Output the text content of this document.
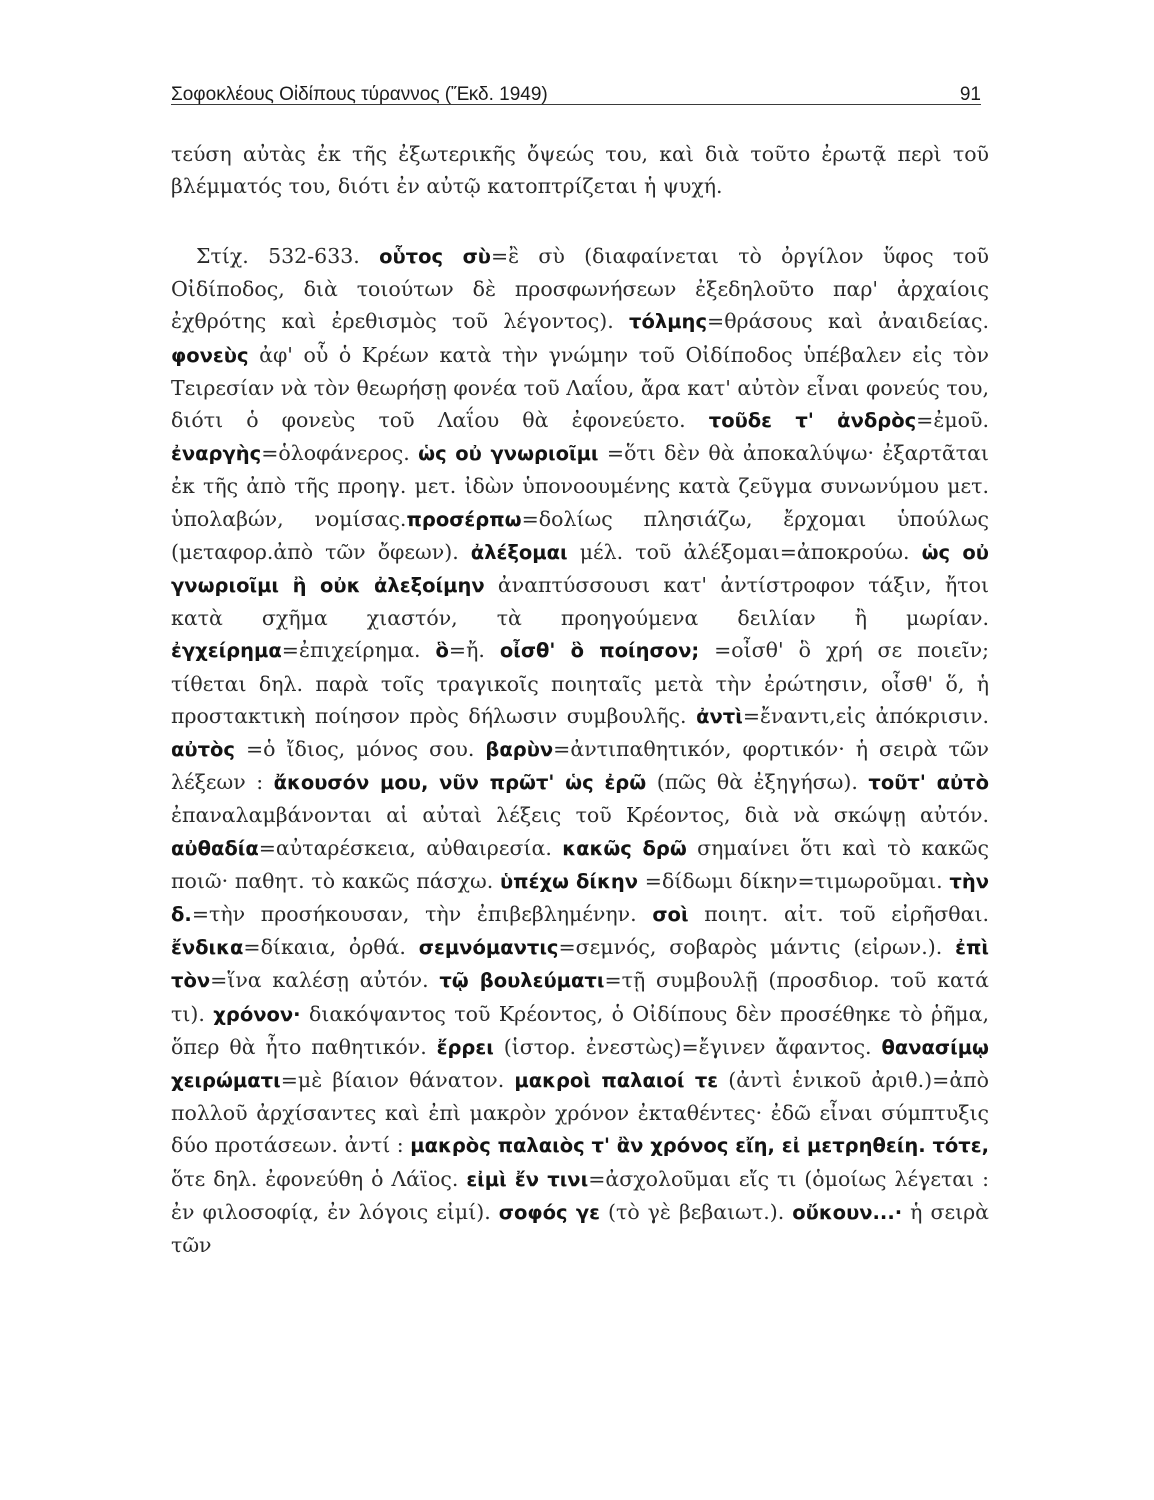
Σοφοκλέους Οἰδίπους τύραννος (Ἔκδ. 1949)	91
τεύση αὐτὰς ἐκ τῆς ἐξωτερικῆς ὄψεώς του, καὶ διὰ τοῦτο ἐρωτᾷ περὶ τοῦ βλέμματός του, διότι ἐν αὐτῷ κατοπτρίζεται ἡ ψυχή.
Στίχ. 532-633. οὗτος σὺ=ἒ σὺ (διαφαίνεται τὸ ὀργίλον ὕφος τοῦ Οἰδίποδος, διὰ τοιούτων δὲ προσφωνήσεων ἐξεδηλοῦτο παρ' ἀρχαίοις ἐχθρότης καὶ ἐρεθισμὸς τοῦ λέγοντος). τόλμης=θράσους καὶ ἀναιδείας. φονεὺς ἀφ' οὗ ὁ Κρέων κατὰ τὴν γνώμην τοῦ Οἰδίποδος ὑπέβαλεν εἰς τὸν Τειρεσίαν νὰ τὸν θεωρήσῃ φονέα τοῦ Λαΐου, ἄρα κατ' αὐτὸν εἶναι φονεύς του, διότι ὁ φονεὺς τοῦ Λαΐου θὰ ἐφονεύετο. τοῦδε τ' ἀνδρὸς=ἐμοῦ. ἐναργὴς=ὁλοφάνερος. ὡς οὐ γνωριοῖμι =ὅτι δὲν θὰ ἀποκαλύψω· ἐξαρτᾶται ἐκ τῆς ἀπὸ τῆς προηγ. μετ. ἰδὼν ὑπονοουμένης κατὰ ζεῦγμα συνωνύμου μετ. ὑπολαβών, νομίσας.προσέρπω=δολίως πλησιάζω, ἔρχομαι ὑπούλως (μεταφορ.ἀπὸ τῶν ὄφεων). ἀλέξομαι μέλ. τοῦ ἀλέξομαι=ἀποκρούω. ὡς οὐ γνωριοῖμι ἢ οὐκ ἀλεξοίμην ἀναπτύσσουσι κατ' ἀντίστροφον τάξιν, ἤτοι κατὰ σχῆμα χιαστόν, τὰ προηγούμενα δειλίαν ἢ μωρίαν. ἐγχείρημα=ἐπιχείρημα. ὃ=ἤ. οἶσθ' ὃ ποίησον; =οἶσθ' ὃ χρή σε ποιεῖν; τίθεται δηλ. παρὰ τοῖς τραγικοῖς ποιηταῖς μετὰ τὴν ἐρώτησιν, οἶσθ' ὅ, ἡ προστακτικὴ ποίησον πρὸς δήλωσιν συμβουλῆς. ἀντὶ=ἔναντι,εἰς ἀπόκρισιν. αὐτὸς =ὁ ἴδιος, μόνος σου. βαρὺν=ἀντιπαθητικόν, φορτικόν· ἡ σειρὰ τῶν λέξεων : ἄκουσόν μου, νῦν πρῶτ' ὡς ἐρῶ (πῶς θὰ ἐξηγήσω). τοῦτ' αὐτὸ ἐπαναλαμβάνονται αἱ αὐταὶ λέξεις τοῦ Κρέοντος, διὰ νὰ σκώψῃ αὐτόν. αὐθαδία=αὐταρέσκεια, αὐθαιρεσία. κακῶς δρῶ σημαίνει ὅτι καὶ τὸ κακῶς ποιῶ· παθητ. τὸ κακῶς πάσχω. ὑπέχω δίκην =δίδωμι δίκην=τιμωροῦμαι. τὴν δ.=τὴν προσήκουσαν, τὴν ἐπιβεβλημένην. σοὶ ποιητ. αἰτ. τοῦ εἰρῆσθαι. ἔνδικα=δίκαια, ὀρθά. σεμνόμαντις=σεμνός, σοβαρὸς μάντις (εἰρων.). ἐπὶ τὸν=ἵνα καλέσῃ αὐτόν. τῷ βουλεύματι=τῇ συμβουλῇ (προσδιορ. τοῦ κατά τι). χρόνον· διακόψαντος τοῦ Κρέοντος, ὁ Οἰδίπους δὲν προσέθηκε τὸ ῥῆμα, ὅπερ θὰ ἦτο παθητικόν. ἔρρει (ἱστορ. ἐνεστὼς)=ἔγινεν ἄφαντος. θανασίμῳ χειρώματι=μὲ βίαιον θάνατον. μακροὶ παλαιοί τε (ἀντὶ ἑνικοῦ ἀριθ.)=ἀπὸ πολλοῦ ἀρχίσαντες καὶ ἐπὶ μακρὸν χρόνον ἐκταθέντες· ἐδῶ εἶναι σύμπτυξις δύο προτάσεων. ἀντί : μακρὸς παλαιὸς τ' ἂν χρόνος εἴη, εἰ μετρηθείη. τότε, ὅτε δηλ. ἐφονεύθη ὁ Λάϊος. εἰμὶ ἔν τινι=ἀσχολοῦμαι εἴς τι (ὁμοίως λέγεται : ἐν φιλοσοφίᾳ, ἐν λόγοις εἰμί). σοφός γε (τὸ γὲ βεβαιωτ.). οὔκουν...· ἡ σειρὰ τῶν
